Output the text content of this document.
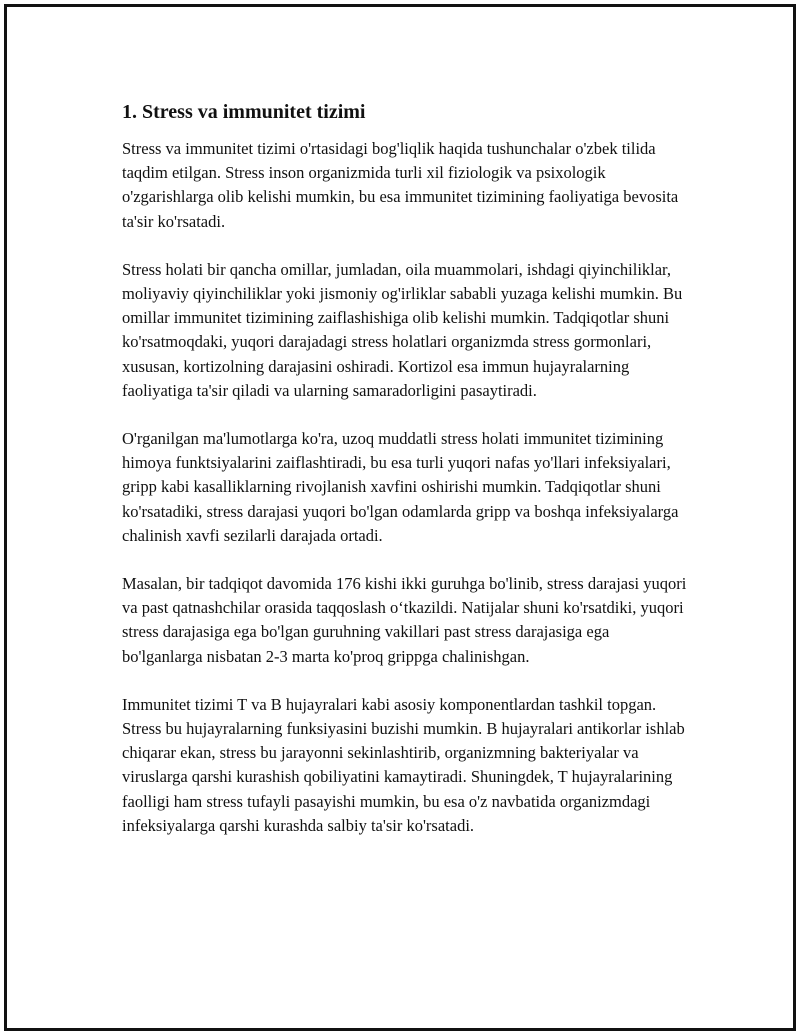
1. Stress va immunitet tizimi

Stress va immunitet tizimi o'rtasidagi bog'liqlik haqida tushunchalar o'zbek tilida taqdim etilgan. Stress inson organizmida turli xil fiziologik va psixologik o'zgarishlarga olib kelishi mumkin, bu esa immunitet tizimining faoliyatiga bevosita ta'sir ko'rsatadi.

Stress holati bir qancha omillar, jumladan, oila muammolari, ishdagi qiyinchiliklar, moliyaviy qiyinchiliklar yoki jismoniy og'irliklar sababli yuzaga kelishi mumkin. Bu omillar immunitet tizimining zaiflashishiga olib kelishi mumkin. Tadqiqotlar shuni ko'rsatmoqdaki, yuqori darajadagi stress holatlari organizmda stress gormonlari, xususan, kortizolning darajasini oshiradi. Kortizol esa immun hujayralarning faoliyatiga ta'sir qiladi va ularning samaradorligini pasaytiradi.

O'rganilgan ma'lumotlarga ko'ra, uzoq muddatli stress holati immunitet tizimining himoya funktsiyalarini zaiflashtiradi, bu esa turli yuqori nafas yo'llari infeksiyalari, gripp kabi kasalliklarning rivojlanish xavfini oshirishi mumkin. Tadqiqotlar shuni ko'rsatadiki, stress darajasi yuqori bo'lgan odamlarda gripp va boshqa infeksiyalarga chalinish xavfi sezilarli darajada ortadi.

Masalan, bir tadqiqot davomida 176 kishi ikki guruhga bo'linib, stress darajasi yuqori va past qatnashchilar orasida taqqoslash o‘tkazildi. Natijalar shuni ko'rsatdiki, yuqori stress darajasiga ega bo'lgan guruhning vakillari past stress darajasiga ega bo'lganlarga nisbatan 2-3 marta ko'proq grippga chalinishgan.

Immunitet tizimi T va B hujayralari kabi asosiy komponentlardan tashkil topgan. Stress bu hujayralarning funksiyasini buzishi mumkin. B hujayralari antikorlar ishlab chiqarar ekan, stress bu jarayonni sekinlashtirib, organizmning bakteriyalar va viruslarga qarshi kurashish qobiliyatini kamaytiradi. Shuningdek, T hujayralarining faolligi ham stress tufayli pasayishi mumkin, bu esa o'z navbatida organizmdagi infeksiyalarga qarshi kurashda salbiy ta'sir ko'rsatadi.
